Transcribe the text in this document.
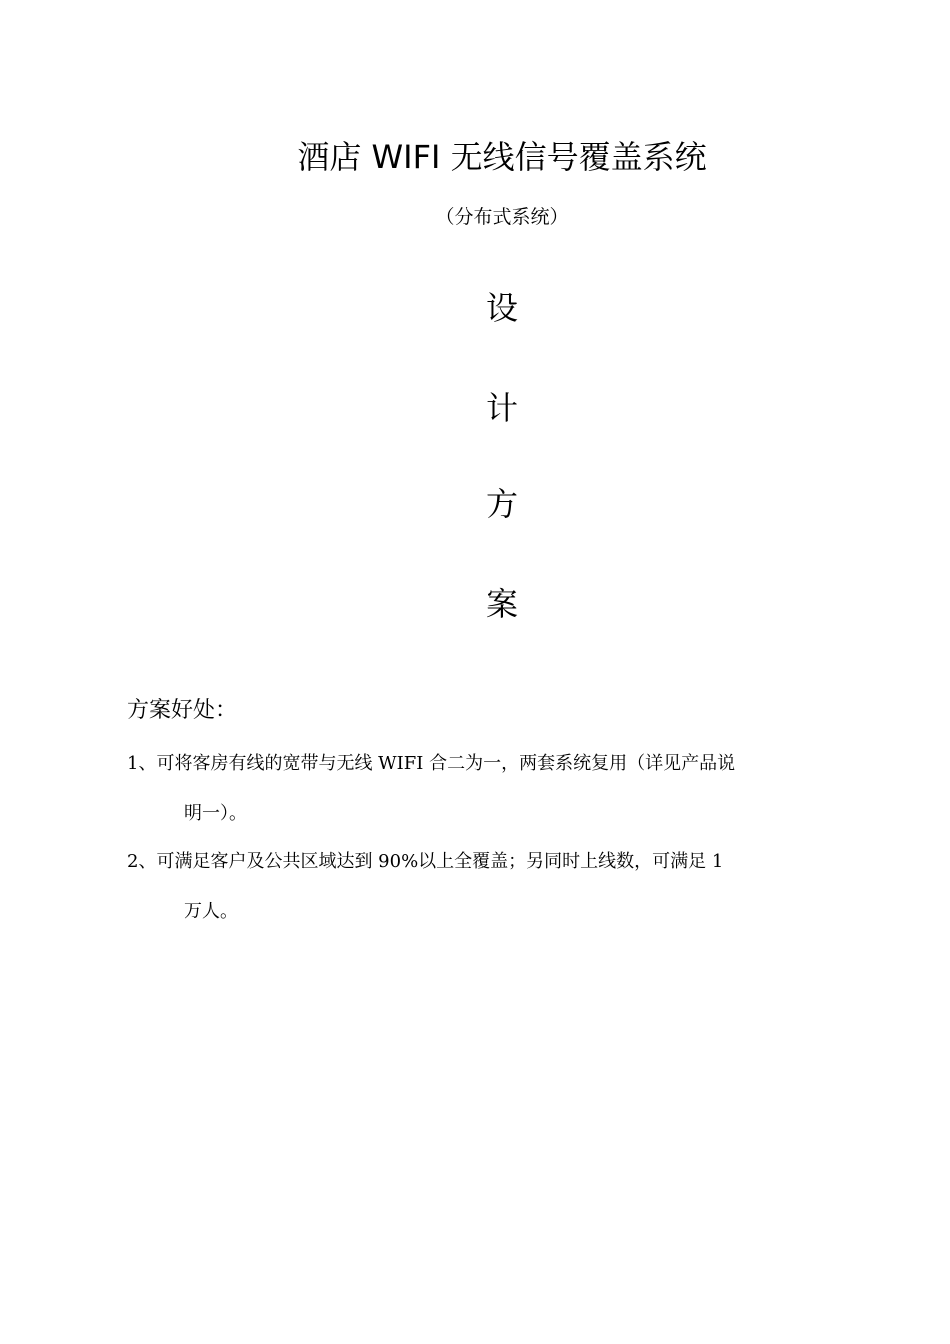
酒店 WIFI 无线信号覆盖系统
（分布式系统）
设
计
方
案
方案好处：
1、可将客房有线的宽带与无线 WIFI 合二为一，两套系统复用（详见产品说
明一）。
2、可满足客户及公共区域达到 90%以上全覆盖；另同时上线数，可满足 1
万人。
